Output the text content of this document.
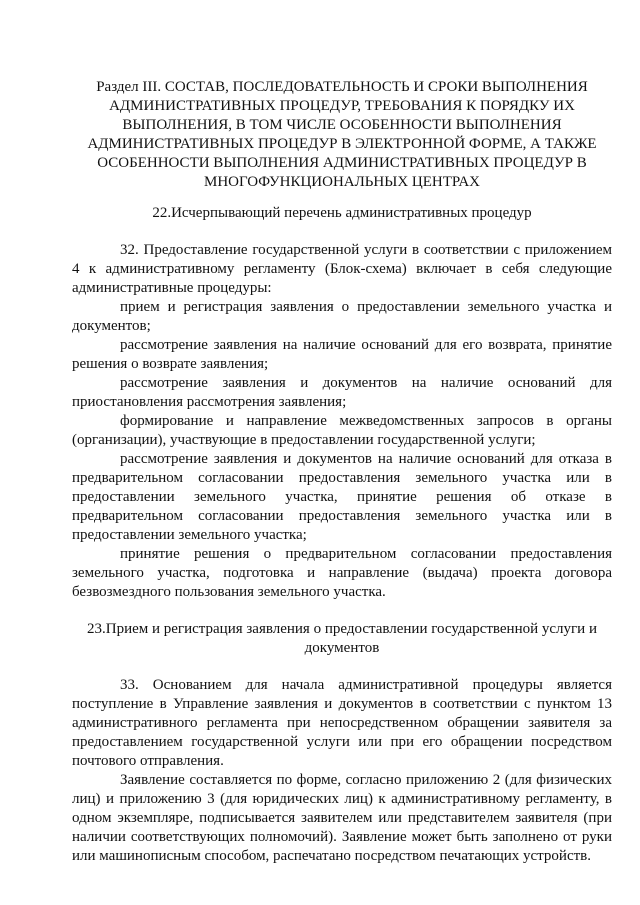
Раздел III. СОСТАВ, ПОСЛЕДОВАТЕЛЬНОСТЬ И СРОКИ ВЫПОЛНЕНИЯ АДМИНИСТРАТИВНЫХ ПРОЦЕДУР, ТРЕБОВАНИЯ К ПОРЯДКУ ИХ ВЫПОЛНЕНИЯ, В ТОМ ЧИСЛЕ ОСОБЕННОСТИ ВЫПОЛНЕНИЯ АДМИНИСТРАТИВНЫХ ПРОЦЕДУР В ЭЛЕКТРОННОЙ ФОРМЕ, А ТАКЖЕ ОСОБЕННОСТИ ВЫПОЛНЕНИЯ АДМИНИСТРАТИВНЫХ ПРОЦЕДУР В МНОГОФУНКЦИОНАЛЬНЫХ ЦЕНТРАХ
22.Исчерпывающий перечень административных процедур

32. Предоставление государственной услуги в соответствии с приложением 4 к административному регламенту (Блок-схема) включает в себя следующие административные процедуры:

прием и регистрация заявления о предоставлении земельного участка и документов;

рассмотрение заявления на наличие оснований для его возврата, принятие решения о возврате заявления;

рассмотрение заявления и документов на наличие оснований для приостановления рассмотрения заявления;

формирование и направление межведомственных запросов в органы (организации), участвующие в предоставлении государственной услуги;

рассмотрение заявления и документов на наличие оснований для отказа в предварительном согласовании предоставления земельного участка или в предоставлении земельного участка, принятие решения об отказе в предварительном согласовании предоставления земельного участка или в предоставлении земельного участка;

принятие решения о предварительном согласовании предоставления земельного участка, подготовка и направление (выдача) проекта договора безвозмездного пользования земельного участка.

23.Прием и регистрация заявления о предоставлении государственной услуги и документов

33. Основанием для начала административной процедуры является поступление в Управление заявления и документов в соответствии с пунктом 13 административного регламента при непосредственном обращении заявителя за предоставлением государственной услуги или при его обращении посредством почтового отправления.

Заявление составляется по форме, согласно приложению 2 (для физических лиц) и приложению 3 (для юридических лиц) к административному регламенту, в одном экземпляре, подписывается заявителем или представителем заявителя (при наличии соответствующих полномочий). Заявление может быть заполнено от руки или машинописным способом, распечатано посредством печатающих устройств.
